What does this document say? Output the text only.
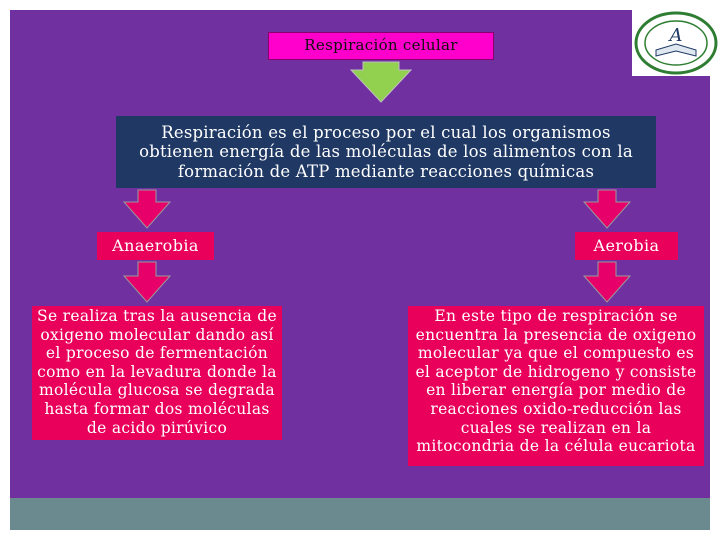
A
Respiración celular
Respiración es el proceso por el cual los organismos obtienen energía de las moléculas de los alimentos con la formación de ATP mediante reacciones químicas
Anaerobia	Aerobia
Se realiza tras la ausencia de oxigeno molecular dando así el proceso de fermentación como en la levadura donde la molécula glucosa se degrada hasta formar dos moléculas de acido pirúvico
En este tipo de respiración se encuentra la presencia de oxigeno molecular ya que el compuesto es el aceptor de hidrogeno y consiste en liberar energía por medio de reacciones oxido-reducción las cuales se realizan en la mitocondria de la célula eucariota
